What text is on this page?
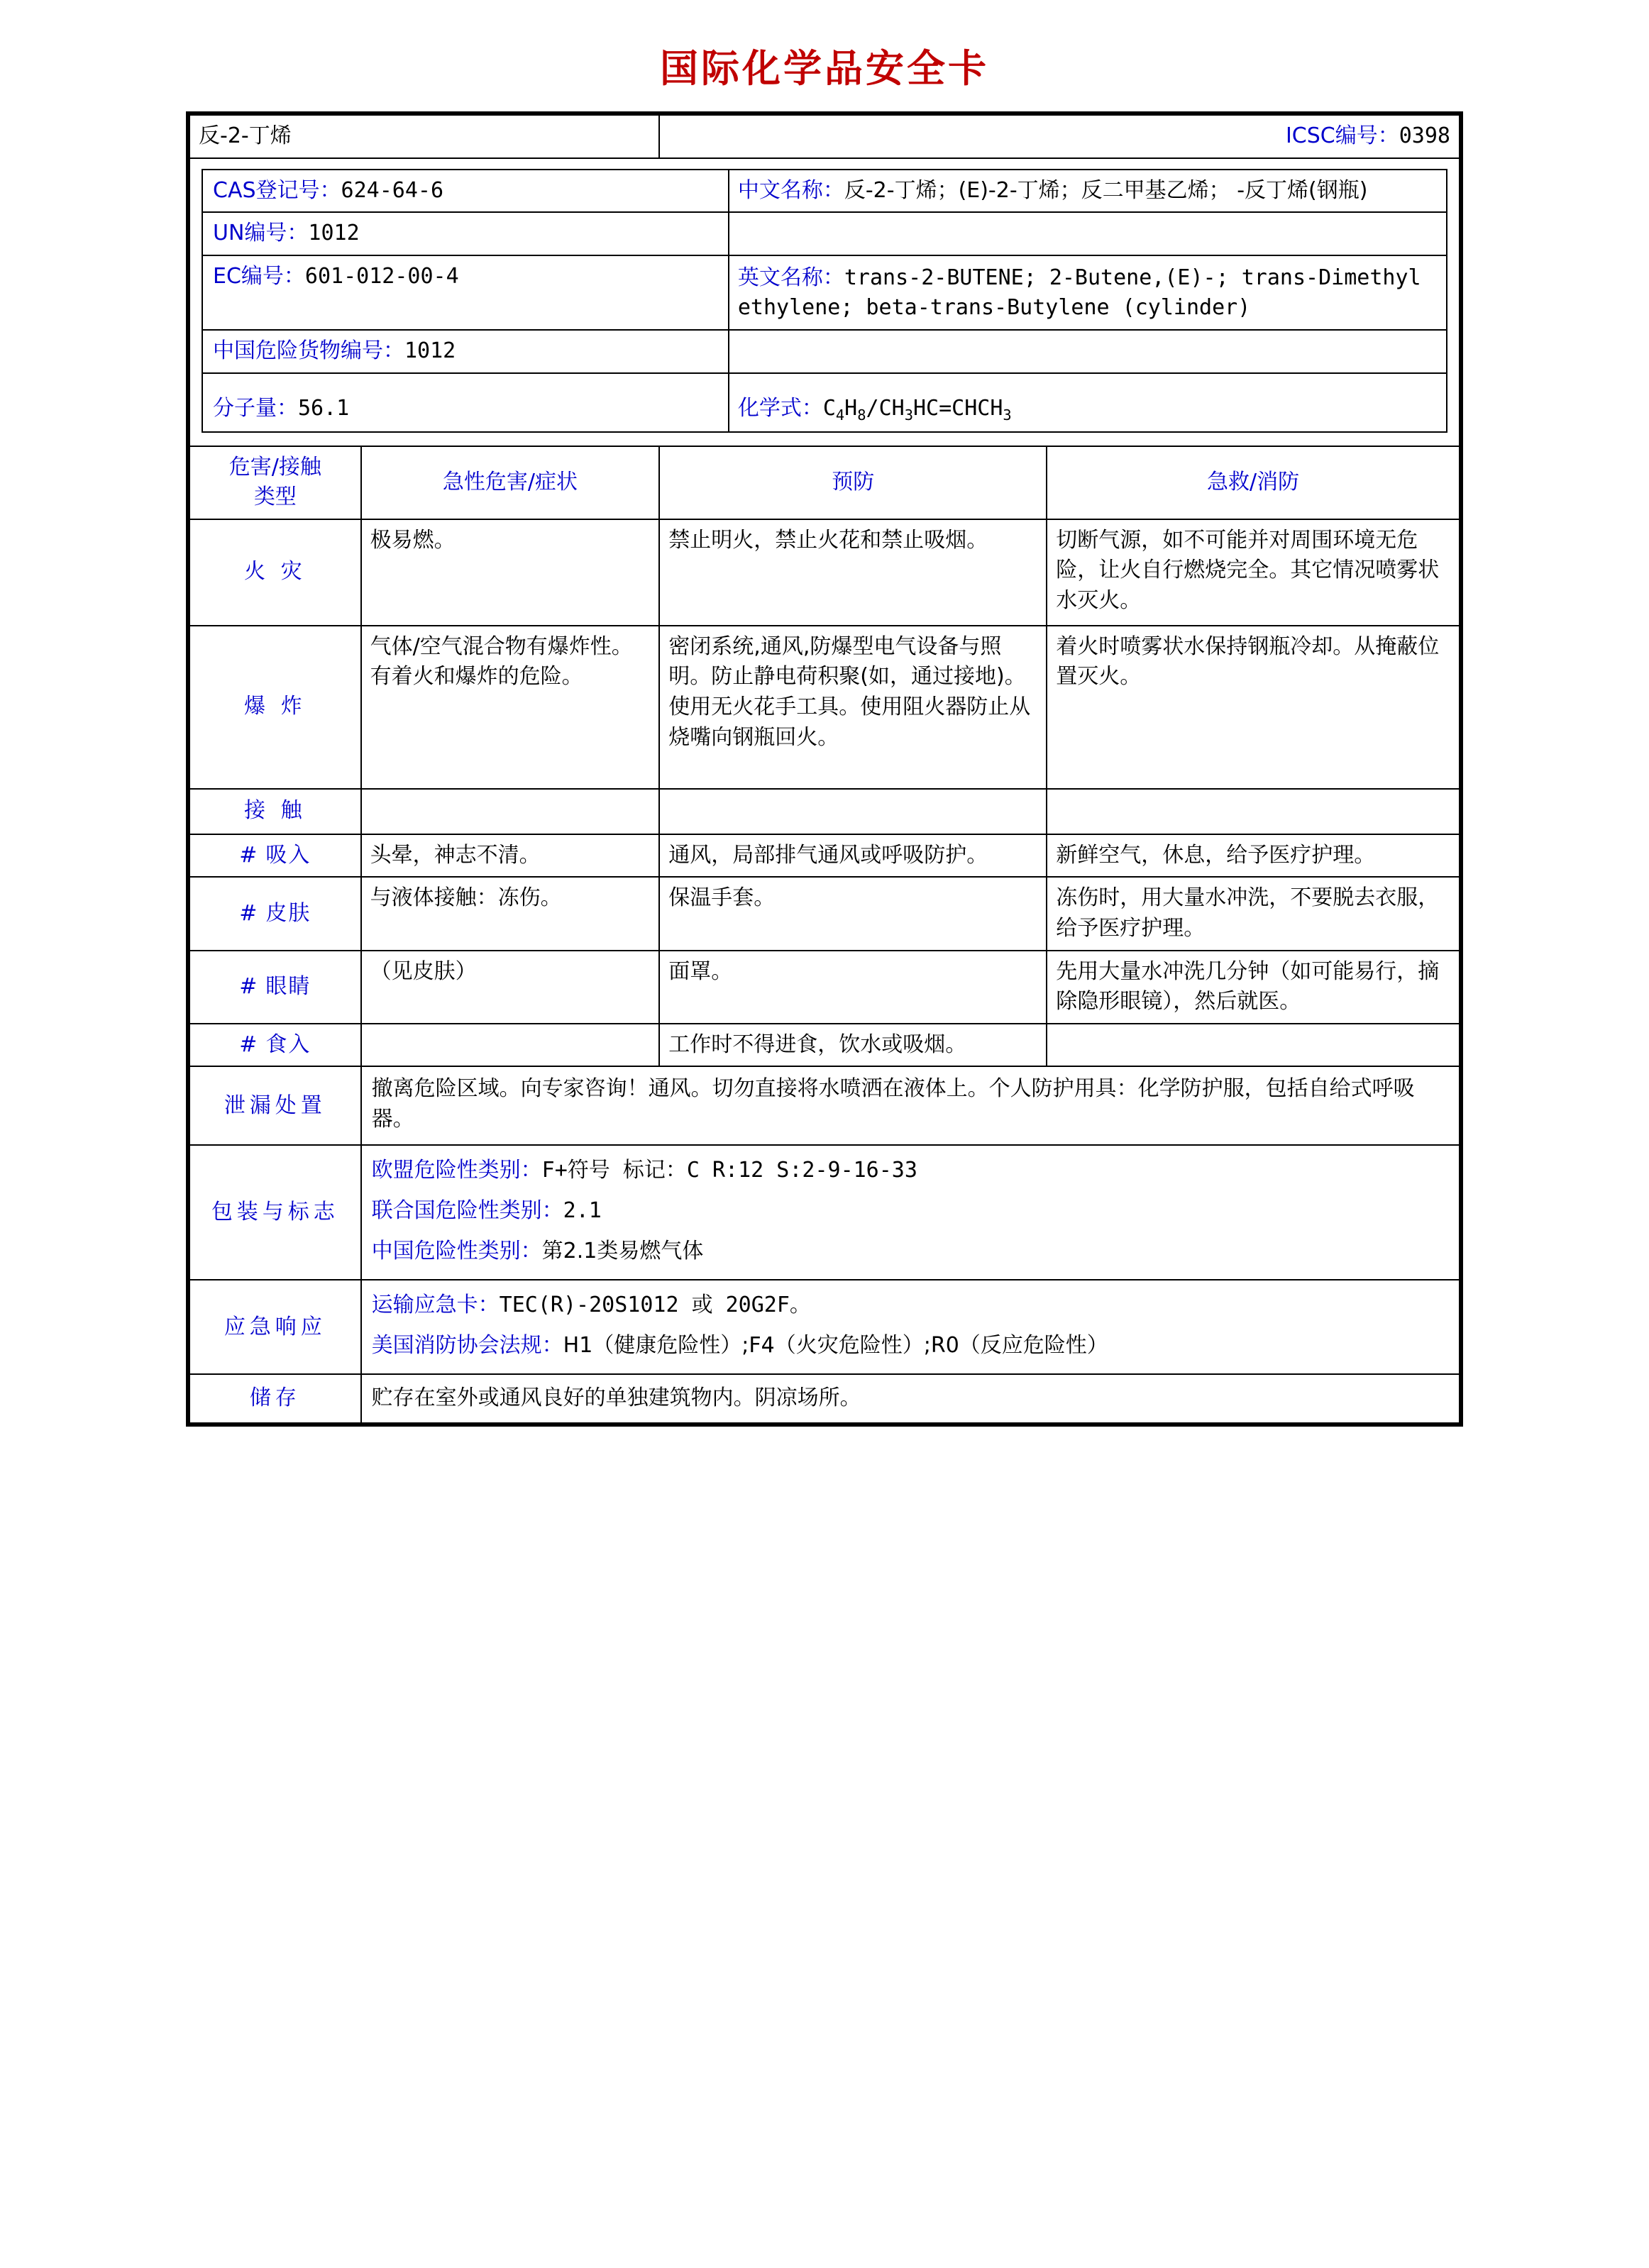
国际化学品安全卡
反-2-丁烯	ICSC编号：0398

CAS登记号：624-64-6	中文名称：反-2-丁烯；(E)-2-丁烯；反二甲基乙烯； -反丁烯(钢瓶)
UN编号：1012	
EC编号：601-012-00-4	英文名称：trans-2-BUTENE; 2-Butene,(E)-; trans-Dimethyl ethylene; beta-trans-Butylene (cylinder)
中国危险货物编号：1012	
分子量：56.1	化学式：$C_4H_8/CH_3HC=CHCH_3$

危害/接触
类型
	急性危害/症状	预防	急救/消防
火 灾	极易燃。	禁止明火，禁止火花和禁止吸烟。	切断气源，如不可能并对周围环境无危险，让火自行燃烧完全。其它情况喷雾状水灭火。
爆 炸	气体/空气混合物有爆炸性。有着火和爆炸的危险。	密闭系统,通风,防爆型电气设备与照明。防止静电荷积聚(如，通过接地)。使用无火花手工具。使用阻火器防止从烧嘴向钢瓶回火。	着火时喷雾状水保持钢瓶冷却。从掩蔽位置灭火。
接 触			
# 吸入	头晕，神志不清。	通风，局部排气通风或呼吸防护。	新鲜空气，休息，给予医疗护理。
# 皮肤	与液体接触：冻伤。	保温手套。	冻伤时，用大量水冲洗，不要脱去衣服，给予医疗护理。
# 眼睛	（见皮肤）	面罩。	先用大量水冲洗几分钟（如可能易行，摘除隐形眼镜），然后就医。
# 食入		工作时不得进食，饮水或吸烟。	
泄漏处置	撤离危险区域。向专家咨询！通风。切勿直接将水喷洒在液体上。个人防护用具：化学防护服，包括自给式呼吸器。
包装与标志	
欧盟危险性类别：F+符号 标记：C R:12 S:2-9-16-33
联合国危险性类别：2.1
中国危险性类别：第2.1类易燃气体

应急响应	
运输应急卡：TEC(R)-20S1012 或 20G2F。
美国消防协会法规：H1（健康危险性）;F4（火灾危险性）;R0（反应危险性）

储存	贮存在室外或通风良好的单独建筑物内。阴凉场所。
